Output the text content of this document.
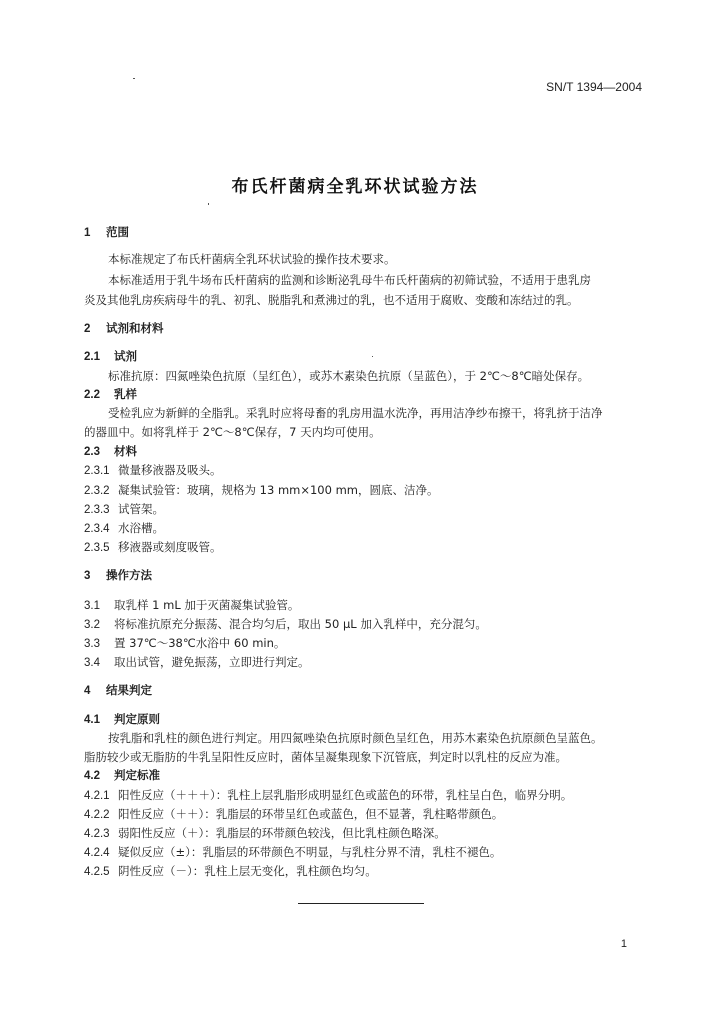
SN/T 1394—2004
布氏杆菌病全乳环状试验方法
1 范围
本标准规定了布氏杆菌病全乳环状试验的操作技术要求。
本标准适用于乳牛场布氏杆菌病的监测和诊断泌乳母牛布氏杆菌病的初筛试验，不适用于患乳房
炎及其他乳房疾病母牛的乳、初乳、脱脂乳和煮沸过的乳，也不适用于腐败、变酸和冻结过的乳。
2 试剂和材料
2.1 试剂
标准抗原：四氮唑染色抗原（呈红色），或苏木素染色抗原（呈蓝色），于 2℃～8℃暗处保存。
2.2 乳样
受检乳应为新鲜的全脂乳。采乳时应将母畜的乳房用温水洗净，再用洁净纱布擦干，将乳挤于洁净
的器皿中。如将乳样于 2℃～8℃保存，7 天内均可使用。
2.3 材料
2.3.1 微量移液器及吸头。
2.3.2 凝集试验管：玻璃，规格为 13 mm×100 mm，圆底、洁净。
2.3.3 试管架。
2.3.4 水浴槽。
2.3.5 移液器或刻度吸管。
3 操作方法
3.1 取乳样 1 mL 加于灭菌凝集试验管。
3.2 将标准抗原充分振荡、混合均匀后，取出 50 μL 加入乳样中，充分混匀。
3.3 置 37℃～38℃水浴中 60 min。
3.4 取出试管，避免振荡，立即进行判定。
4 结果判定
4.1 判定原则
按乳脂和乳柱的颜色进行判定。用四氮唑染色抗原时颜色呈红色，用苏木素染色抗原颜色呈蓝色。
脂肪较少或无脂肪的牛乳呈阳性反应时，菌体呈凝集现象下沉管底，判定时以乳柱的反应为准。
4.2 判定标准
4.2.1 阳性反应（＋＋＋）：乳柱上层乳脂形成明显红色或蓝色的环带，乳柱呈白色，临界分明。
4.2.2 阳性反应（＋＋）：乳脂层的环带呈红色或蓝色，但不显著，乳柱略带颜色。
4.2.3 弱阳性反应（＋）：乳脂层的环带颜色较浅，但比乳柱颜色略深。
4.2.4 疑似反应（±）：乳脂层的环带颜色不明显，与乳柱分界不清，乳柱不褪色。
4.2.5 阴性反应（－）：乳柱上层无变化，乳柱颜色均匀。
1
